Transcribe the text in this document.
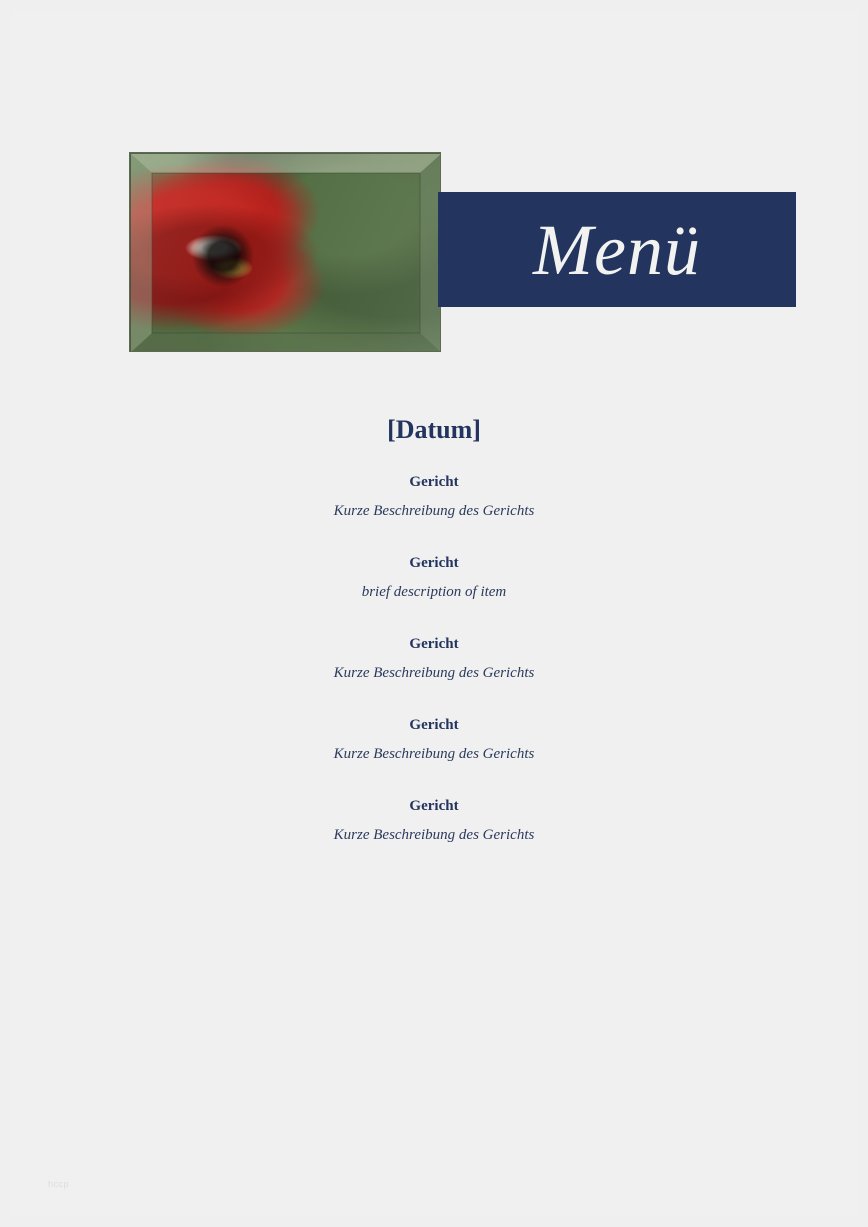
Menü
[Datum]
Gericht
Kurze Beschreibung des Gerichts
Gericht
brief description of item
Gericht
Kurze Beschreibung des Gerichts
Gericht
Kurze Beschreibung des Gerichts
Gericht
Kurze Beschreibung des Gerichts
hccp
